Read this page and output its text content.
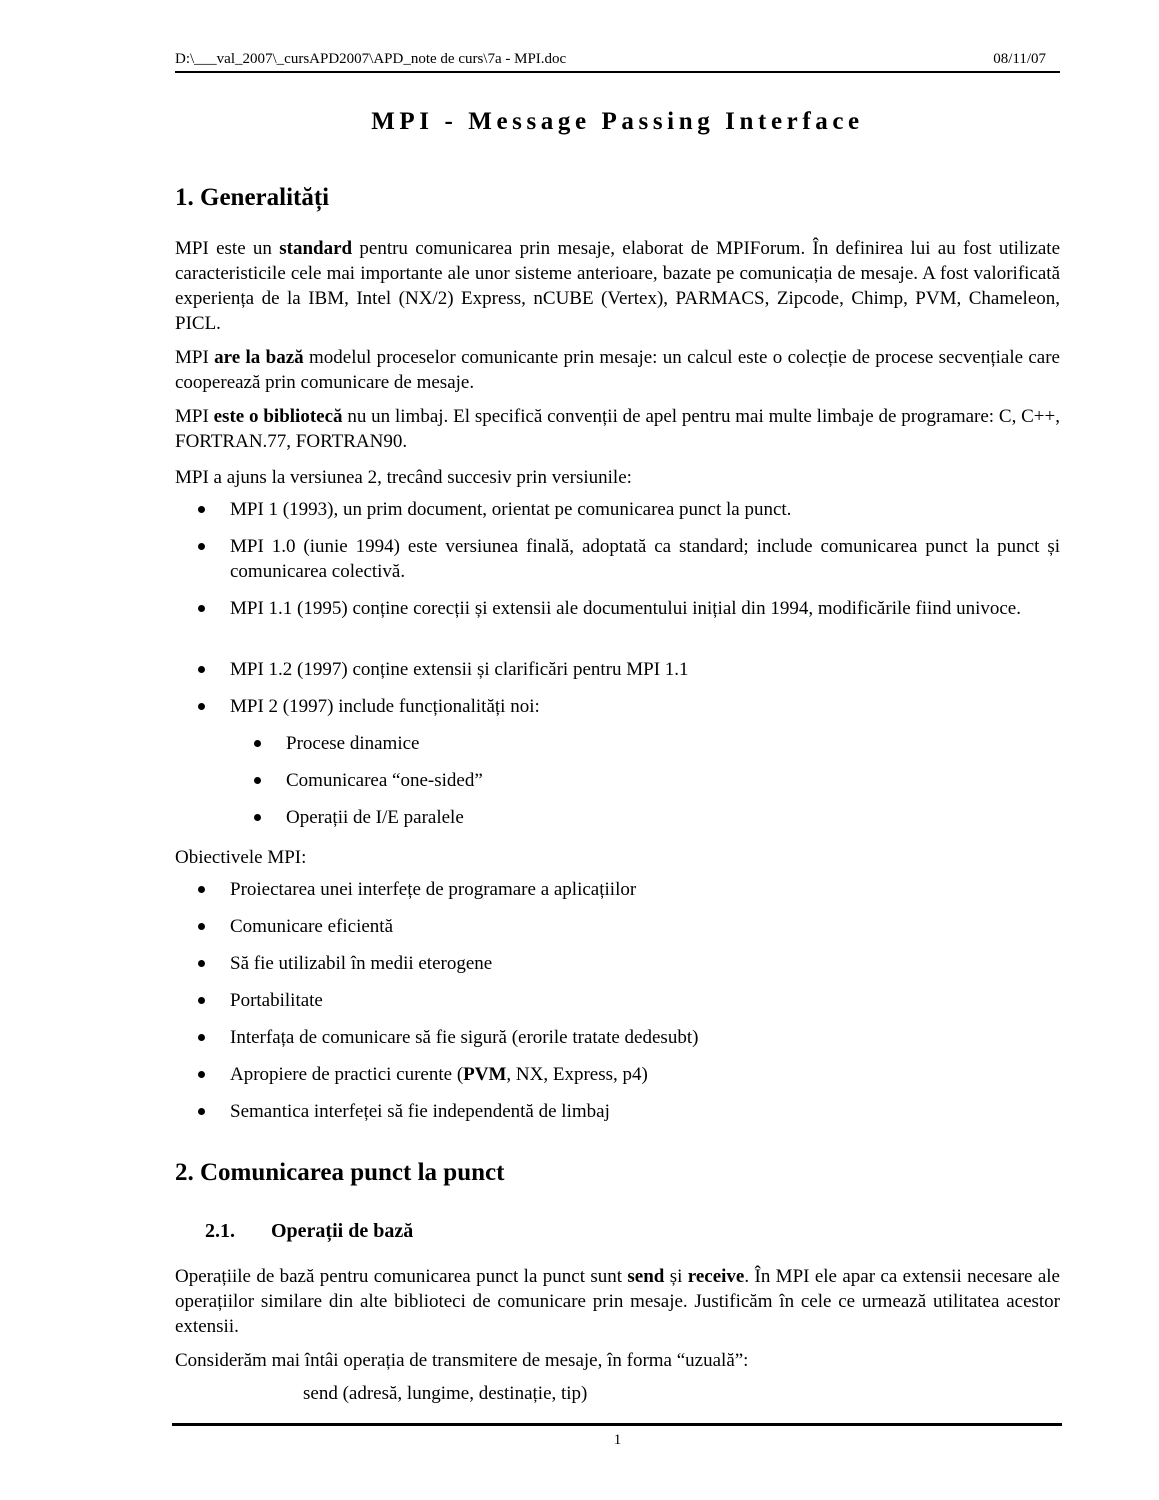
D:\___val_2007\_cursAPD2007\APD_note de curs\7a - MPI.doc	08/11/07
MPI - Message Passing Interface
1. Generalități
MPI este un standard pentru comunicarea prin mesaje, elaborat de MPIForum. În definirea lui au fost utilizate caracteristicile cele mai importante ale unor sisteme anterioare, bazate pe comunicația de mesaje. A fost valorificată experiența de la IBM, Intel (NX/2) Express, nCUBE (Vertex), PARMACS, Zipcode, Chimp, PVM, Chameleon, PICL.
MPI are la bază modelul proceselor comunicante prin mesaje: un calcul este o colecție de procese secvențiale care cooperează prin comunicare de mesaje.
MPI este o bibliotecă nu un limbaj. El specifică convenții de apel pentru mai multe limbaje de programare: C, C++, FORTRAN.77, FORTRAN90.
MPI a ajuns la versiunea 2, trecând succesiv prin versiunile:
MPI 1 (1993), un prim document, orientat pe comunicarea punct la punct.
MPI 1.0 (iunie 1994) este versiunea finală, adoptată ca standard; include comunicarea punct la punct și comunicarea colectivă.
MPI 1.1 (1995) conține corecții și extensii ale documentului inițial din 1994, modificările fiind univoce.
MPI 1.2 (1997) conține extensii și clarificări pentru MPI 1.1
MPI 2 (1997) include funcționalități noi:
Procese dinamice
Comunicarea “one-sided”
Operații de I/E paralele
Obiectivele MPI:
Proiectarea unei interfețe de programare a aplicațiilor
Comunicare eficientă
Să fie utilizabil în medii eterogene
Portabilitate
Interfața de comunicare să fie sigură (erorile tratate dedesubt)
Apropiere de practici curente (PVM, NX, Express, p4)
Semantica interfeței să fie independentă de limbaj
2. Comunicarea punct la punct
2.1. Operații de bază
Operațiile de bază pentru comunicarea punct la punct sunt send și receive. În MPI ele apar ca extensii necesare ale operațiilor similare din alte biblioteci de comunicare prin mesaje. Justificăm în cele ce urmează utilitatea acestor extensii.
Considerăm mai întâi operația de transmitere de mesaje, în forma “uzuală”:
send (adresă, lungime, destinație, tip)
1
